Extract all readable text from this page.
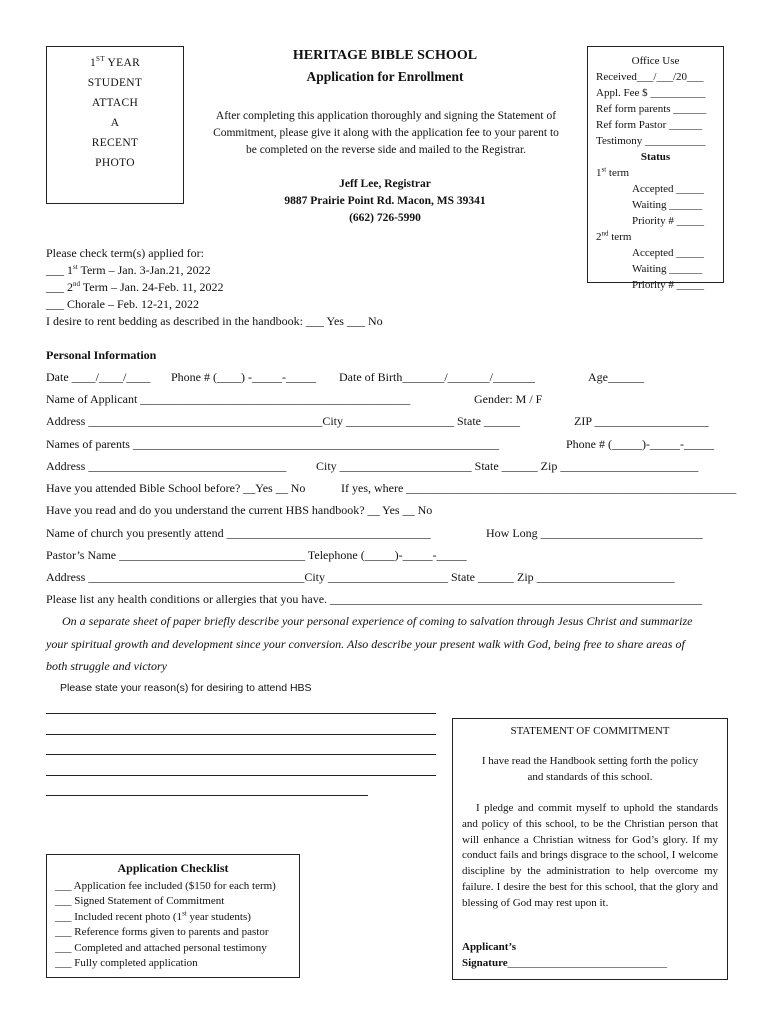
1ST YEAR
STUDENT
ATTACH
A
RECENT
PHOTO
HERITAGE BIBLE SCHOOL
Application for Enrollment
After completing this application thoroughly and signing the Statement of
Commitment, please give it along with the application fee to your parent to
be completed on the reverse side and mailed to the Registrar.
Jeff Lee, Registrar
9887 Prairie Point Rd. Macon, MS 39341
(662) 726-5990
Office Use
Received___/___/20___
Appl. Fee $ __________
Ref form parents ______
Ref form Pastor ______
Testimony ___________
Status
1st term
Accepted _____
Waiting ______
Priority # _____
2nd term
Accepted _____
Waiting ______
Priority # _____
Please check term(s) applied for:
___ 1st Term – Jan. 3-Jan.21, 2022
___ 2nd Term – Jan. 24-Feb. 11, 2022
___ Chorale – Feb. 12-21, 2022
I desire to rent bedding as described in the handbook: ___ Yes ___ No
Personal Information
Date ____/____/____ Phone # (____) -_____-_____ Date of Birth_______/_______/_______	Age______
Name of Applicant _____________________________________________	Gender: M / F
Address _______________________________________City __________________ State ______	ZIP ___________________
Names of parents _____________________________________________________________	Phone # (_____)-_____-_____
Address _________________________________ City ______________________ State ______ Zip _______________________
Have you attended Bible School before? __Yes __ No	If yes, where _______________________________________________________
Have you read and do you understand the current HBS handbook? __ Yes __ No
Name of church you presently attend __________________________________	How Long ___________________________
Pastor’s Name _______________________________ Telephone (_____)-_____-_____
Address ____________________________________City ____________________ State ______ Zip _______________________
Please list any health conditions or allergies that you have. ______________________________________________________________
On a separate sheet of paper briefly describe your personal experience of coming to salvation through Jesus Christ and summarize
your spiritual growth and development since your conversion. Also describe your present walk with God, being free to share areas of
both struggle and victory
Please state your reason(s) for desiring to attend HBS
STATEMENT OF COMMITMENT
I have read the Handbook setting forth the policy
and standards of this school.
I pledge and commit myself to uphold the standards and policy of this school, to be the Christian person that will enhance a Christian witness for God’s glory. If my conduct fails and brings disgrace to the school, I welcome discipline by the administration to help overcome my failure. I desire the best for this school, that the glory and blessing of God may rest upon it.
Applicant’s
Signature_____________________________
Application Checklist
___ Application fee included ($150 for each term)
___ Signed Statement of Commitment
___ Included recent photo (1st year students)
___ Reference forms given to parents and pastor
___ Completed and attached personal testimony
___ Fully completed application
